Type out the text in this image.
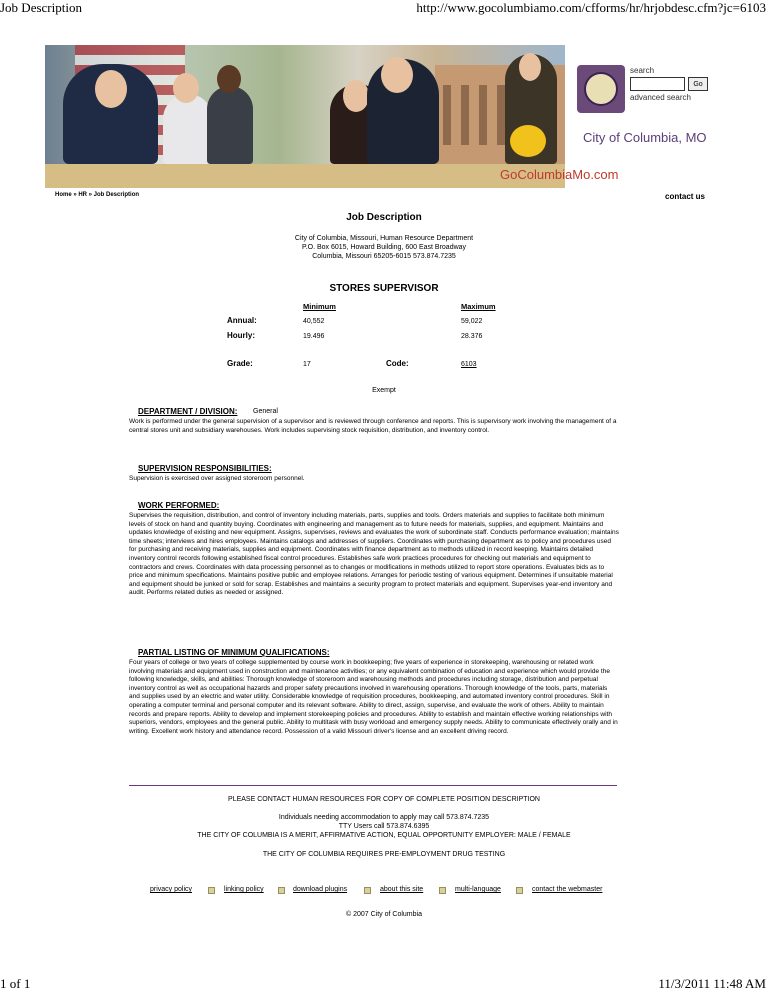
Job Description	http://www.gocolumbiamo.com/cfforms/hr/hrjobdesc.cfm?jc=6103
GoColumbiaMo.com
search
Go
advanced search
City of Columbia, MO
Home » HR » Job Description	contact us
Job Description
City of Columbia, Missouri, Human Resource Department
P.O. Box 6015, Howard Building, 600 East Broadway
Columbia, Missouri 65205-6015 573.874.7235
STORES SUPERVISOR
Minimum	Maximum
Annual:	40,552	59,022
Hourly:	19.496	28.376
Grade:	17	Code:	6103
Exempt
DEPARTMENT / DIVISION: General
Work is performed under the general supervision of a supervisor and is reviewed through conference and reports. This is supervisory work involving the management of a central stores unit and subsidiary warehouses. Work includes supervising stock requisition, distribution, and inventory control.
SUPERVISION RESPONSIBILITIES:
Supervision is exercised over assigned storeroom personnel.
WORK PERFORMED:
Supervises the requisition, distribution, and control of inventory including materials, parts, supplies and tools. Orders materials and supplies to facilitate both minimum levels of stock on hand and quantity buying. Coordinates with engineering and management as to future needs for materials, supplies, and equipment. Maintains and updates knowledge of existing and new equipment. Assigns, supervises, reviews and evaluates the work of subordinate staff. Conducts performance evaluation; maintains time sheets; interviews and hires employees. Maintains catalogs and addresses of suppliers. Coordinates with purchasing department as to policy and procedures used for purchasing and receiving materials, supplies and equipment. Coordinates with finance department as to methods utilized in record keeping. Maintains detailed inventory control records following established fiscal control procedures. Establishes safe work practices procedures for checking out materials and equipment to contractors and crews. Coordinates with data processing personnel as to changes or modifications in methods utilized to report store operations. Evaluates bids as to price and minimum specifications. Maintains positive public and employee relations. Arranges for periodic testing of various equipment. Determines if unsuitable material and equipment should be junked or sold for scrap. Establishes and maintains a security program to protect materials and equipment. Supervises year-end inventory and audit. Performs related duties as needed or assigned.
PARTIAL LISTING OF MINIMUM QUALIFICATIONS:
Four years of college or two years of college supplemented by course work in bookkeeping; five years of experience in storekeeping, warehousing or related work involving materials and equipment used in construction and maintenance activities; or any equivalent combination of education and experience which would provide the following knowledge, skills, and abilities: Thorough knowledge of storeroom and warehousing methods and procedures including storage, distribution and perpetual inventory control as well as occupational hazards and proper safety precautions involved in warehousing operations. Thorough knowledge of the tools, parts, materials and supplies used by an electric and water utility. Considerable knowledge of requisition procedures, bookkeeping, and automated inventory control procedures. Skill in operating a computer terminal and personal computer and its relevant software. Ability to direct, assign, supervise, and evaluate the work of others. Ability to maintain records and prepare reports. Ability to develop and implement storekeeping policies and procedures. Ability to establish and maintain effective working relationships with superiors, vendors, employees and the general public. Ability to multitask with busy workload and emergency supply needs. Ability to communicate effectively orally and in writing. Excellent work history and attendance record. Possession of a valid Missouri driver's license and an excellent driving record.
PLEASE CONTACT HUMAN RESOURCES FOR COPY OF COMPLETE POSITION DESCRIPTION
Individuals needing accommodation to apply may call 573.874.7235
TTY Users call 573.874.6395
THE CITY OF COLUMBIA IS A MERIT, AFFIRMATIVE ACTION, EQUAL OPPORTUNITY EMPLOYER: MALE / FEMALE
THE CITY OF COLUMBIA REQUIRES PRE-EMPLOYMENT DRUG TESTING
privacy policy	linking policy	download plugins	about this site	multi-language	contact the webmaster
© 2007 City of Columbia
1 of 1	11/3/2011 11:48 AM
